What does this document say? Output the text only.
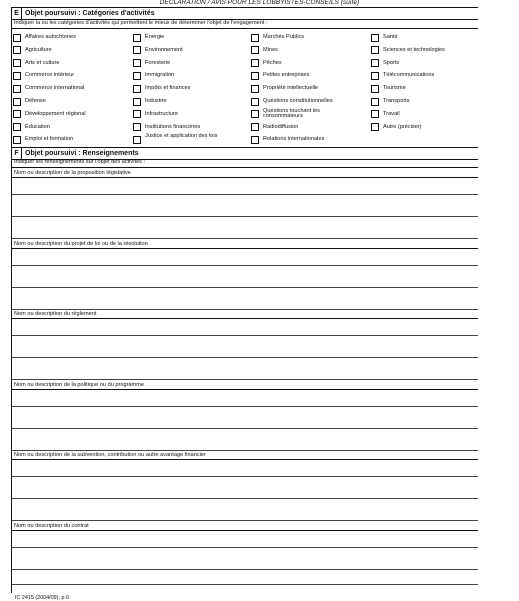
DÉCLARATION / AVIS POUR LES LOBBYISTES-CONSEILS (suite)
E Objet poursuivi : Catégories d'activités
Indiquer la ou les catégories d'activités qui permettent le mieux de déterminer l'objet de l'engagement :
Affaires autochtones	Énergie	Marchés Publics	Santé
Agriculture	Environnement	Mines	Sciences et technologies
Arts et culture	Foresterie	Pêches	Sports
Commerce intérieur	Immigration	Petites entreprises	Télécommunications
Commerce international	Impôts et finances	Propriété intellectuelle	Tourisme
Défense	Industrie	Questions constitutionnelles	Transports
Développement régional	Infrastructure	Questions touchant les consommateurs	Travail
Éducation	Institutions financières	Radiodiffusion	Autre (préciser)
Emploi et formation	Justice et application des lois	Relations internationales
F Objet poursuivi : Renseignements
Indiquer les renseignements sur l'objet des activités :
Nom ou description de la proposition législative
Nom ou description du projet de loi ou de la résolution
Nom ou description du règlement
Nom ou description de la politique ou du programme
Nom ou description de la subvention, contribution ou autre avantage financier
Nom ou description du contrat
IC 2415 (2004/09), p.6
